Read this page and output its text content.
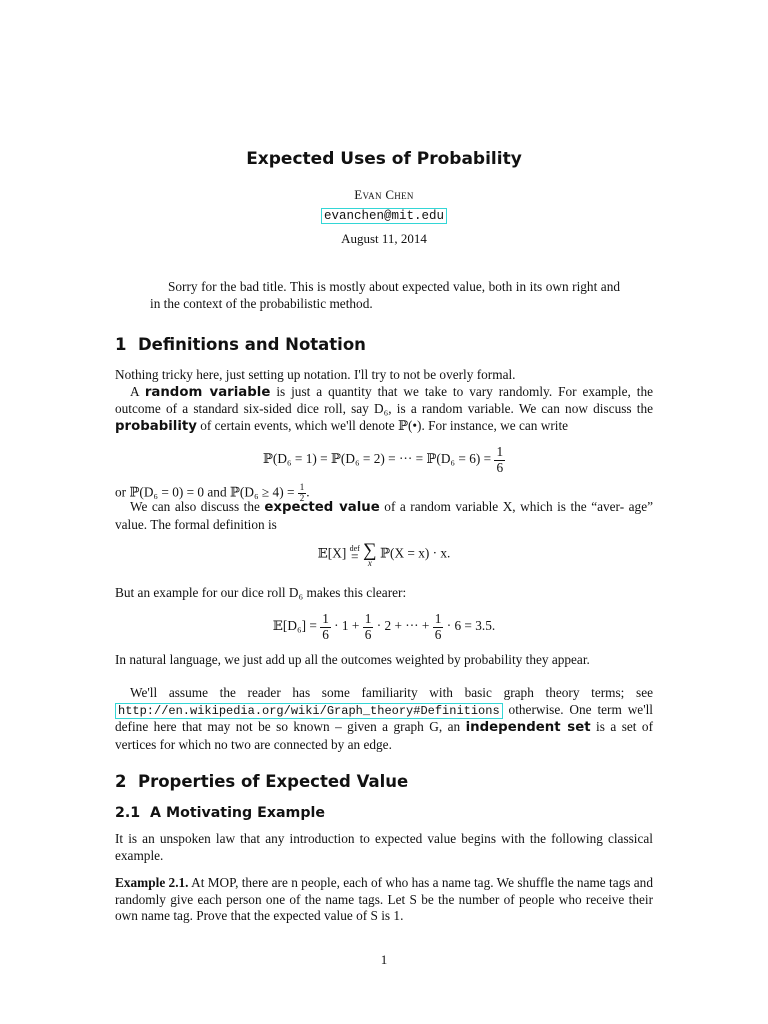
Expected Uses of Probability
Evan Chen
evanchen@mit.edu
August 11, 2014
Sorry for the bad title. This is mostly about expected value, both in its own right and in the context of the probabilistic method.
1 Definitions and Notation
Nothing tricky here, just setting up notation. I'll try to not be overly formal.
A random variable is just a quantity that we take to vary randomly. For example, the outcome of a standard six-sided dice roll, say D₆, is a random variable. We can now discuss the probability of certain events, which we'll denote ℙ(•). For instance, we can write
ℙ(D₆ = 1) = ℙ(D₆ = 2) = ··· = ℙ(D₆ = $6) = \frac{1}{6}$
or ℙ(D₆ = 0) = 0 and ℙ(D₆ ≥ $4) = \frac{1}{2}$ .
We can also discuss the expected value of a random variable X, which is the “aver- age” value. The formal definition is
𝔼[X] def
=
∑
x
ℙ(X = x) · x.
But an example for our dice roll D₆ makes this clearer:
𝔼[D₆] = $\frac{1}{6} \cdot 1 + \frac{1}{6} \cdot 2$ + ··· + $\frac{1}{6} \cdot 6 = 3.5$.
In natural language, we just add up all the outcomes weighted by probability they appear.
We'll assume the reader has some familiarity with basic graph theory terms; see http://en.wikipedia.org/wiki/Graph_theory#Definitions otherwise. One term we'll define here that may not be so known – given a graph G, an independent set is a set of vertices for which no two are connected by an edge.
2 Properties of Expected Value
2.1 A Motivating Example
It is an unspoken law that any introduction to expected value begins with the following classical example.
Example 2.1. At MOP, there are n people, each of who has a name tag. We shuffle the name tags and randomly give each person one of the name tags. Let S be the number of people who receive their own name tag. Prove that the expected value of S is 1.
1
